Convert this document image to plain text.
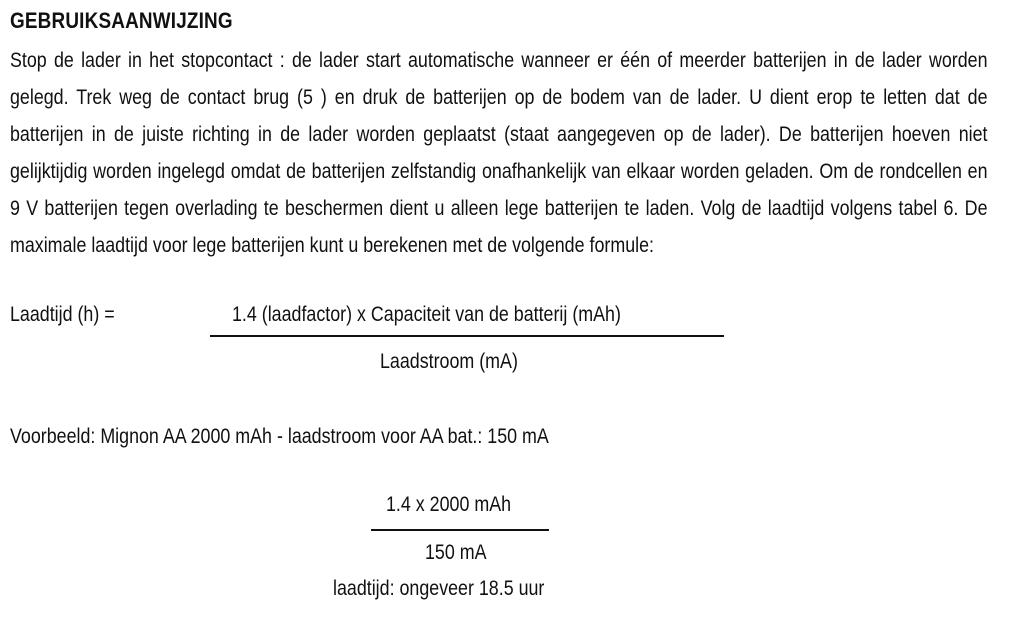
GEBRUIKSAANWIJZING
Stop de lader in het stopcontact : de lader start automatische wanneer er één of meerder batterijen in de lader worden gelegd. Trek weg de contact brug (5 ) en druk de batterijen op de bodem van de lader. U dient erop te letten dat de batterijen in de juiste richting in de lader worden geplaatst (staat aangegeven op de lader). De batterijen hoeven niet gelijktijdig worden ingelegd omdat de batterijen zelfstandig onafhankelijk van elkaar worden geladen. Om de rondcellen en 9 V batterijen tegen overlading te beschermen dient u alleen lege batterijen te laden. Volg de laadtijd volgens tabel 6. De maximale laadtijd voor lege batterijen kunt u berekenen met de volgende formule:
Laadtijd (h) =	1.4 (laadfactor) x Capaciteit van de batterij (mAh)
Laadstroom (mA)
Voorbeeld: Mignon AA 2000 mAh - laadstroom voor AA bat.: 150 mA
1.4 x 2000 mAh
150 mA
laadtijd: ongeveer 18.5 uur
